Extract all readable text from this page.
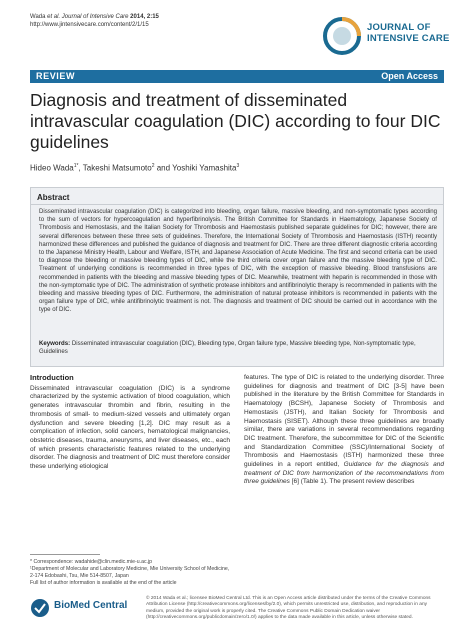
Wada et al. Journal of Intensive Care 2014, 2:15
http://www.jintensivecare.com/content/2/1/15	JOURNAL OF
INTENSIVE CARE
REVIEW	Open Access
Diagnosis and treatment of disseminated intravascular coagulation (DIC) according to four DIC guidelines
Hideo Wada$^{1*}$, Takeshi Matsumoto$^2$ and Yoshiki Yamashita$^3$
Abstract
Disseminated intravascular coagulation (DIC) is categorized into bleeding, organ failure, massive bleeding, and non-symptomatic types according to the sum of vectors for hypercoagulation and hyperfibrinolysis. The British Committee for Standards in Haematology, Japanese Society of Thrombosis and Hemostasis, and the Italian Society for Thrombosis and Haemostasis published separate guidelines for DIC; however, there are several differences between these three sets of guidelines. Therefore, the International Society of Thrombosis and Haemostasis (ISTH) recently harmonized these differences and published the guidance of diagnosis and treatment for DIC. There are three different diagnostic criteria according to the Japanese Ministry Health, Labour and Welfare, ISTH, and Japanese Association of Acute Medicine. The first and second criteria can be used to diagnose the bleeding or massive bleeding types of DIC, while the third criteria cover organ failure and the massive bleeding type of DIC. Treatment of underlying conditions is recommended in three types of DIC, with the exception of massive bleeding. Blood transfusions are recommended in patients with the bleeding and massive bleeding types of DIC. Meanwhile, treatment with heparin is recommended in those with the non-symptomatic type of DIC. The administration of synthetic protease inhibitors and antifibrinolytic therapy is recommended in patients with the bleeding and massive bleeding types of DIC. Furthermore, the administration of natural protease inhibitors is recommended in patients with the organ failure type of DIC, while antifibrinolytic treatment is not. The diagnosis and treatment of DIC should be carried out in accordance with the type of DIC.
Keywords: Disseminated intravascular coagulation (DIC), Bleeding type, Organ failure type, Massive bleeding type, Non-symptomatic type, Guidelines
Introduction

Disseminated intravascular coagulation (DIC) is a syndrome characterized by the systemic activation of blood coagulation, which generates intravascular thrombin and fibrin, resulting in the thrombosis of small- to medium-sized vessels and ultimately organ dysfunction and severe bleeding [1,2]. DIC may result as a complication of infection, solid cancers, hematological malignancies, obstetric diseases, trauma, aneurysms, and liver diseases, etc., each of which presents characteristic features related to the underlying disorder. The diagnosis and treatment of DIC must therefore consider these underlying etiological

features. The type of DIC is related to the underlying disorder. Three guidelines for diagnosis and treatment of DIC [3-5] have been published in the literature by the British Committee for Standards in Haematology (BCSH), Japanese Society of Thrombosis and Hemostasis (JSTH), and Italian Society for Thrombosis and Haemostasis (SISET). Although these three guidelines are broadly similar, there are variations in several recommendations regarding DIC treatment. Therefore, the subcommittee for DIC of the Scientific and Standardization Committee (SSC)/International Society of Thrombosis and Haemostasis (ISTH) harmonized these three guidelines in a report entitled, Guidance for the diagnosis and treatment of DIC from harmonization of the recommendations from three guidelines [6] (Table 1). The present review describes

* Correspondence: wadahide@clin.medic.mie-u.ac.jp
¹Department of Molecular and Laboratory Medicine, Mie University School of Medicine, 2-174 Edobashi, Tsu, Mie 514-8507, Japan
Full list of author information is available at the end of the article
BioMed Central
© 2014 Wada et al.; licensee BioMed Central Ltd. This is an Open Access article distributed under the terms of the Creative Commons Attribution License (http://creativecommons.org/licenses/by/2.0), which permits unrestricted use, distribution, and reproduction in any medium, provided the original work is properly cited. The Creative Commons Public Domain Dedication waiver (http://creativecommons.org/publicdomain/zero/1.0/) applies to the data made available in this article, unless otherwise stated.
